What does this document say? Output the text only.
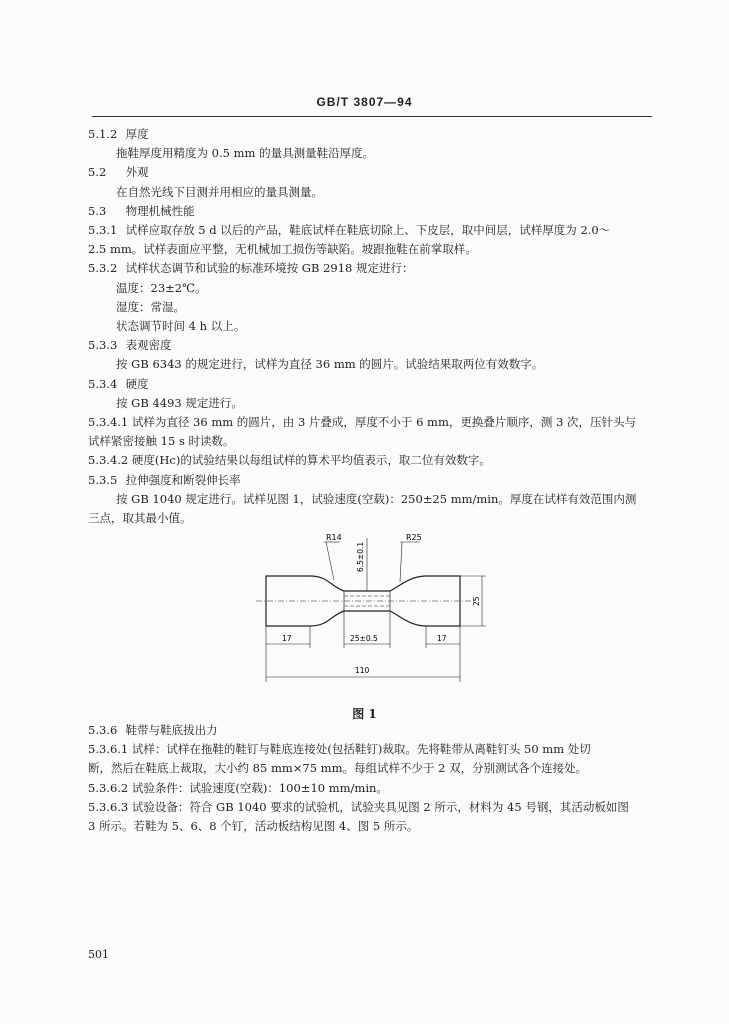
GB/T 3807—94
5.1.2 厚度
拖鞋厚度用精度为 0.5 mm 的量具测量鞋沿厚度。
5.2 外观
在自然光线下目测并用相应的量具测量。
5.3 物理机械性能
5.3.1 试样应取存放 5 d 以后的产品，鞋底试样在鞋底切除上、下皮层，取中间层，试样厚度为 2.0～
2.5 mm。试样表面应平整，无机械加工损伤等缺陷。坡跟拖鞋在前掌取样。
5.3.2 试样状态调节和试验的标准环境按 GB 2918 规定进行：
温度：23±2℃。
湿度：常湿。
状态调节时间 4 h 以上。
5.3.3 表观密度
按 GB 6343 的规定进行，试样为直径 36 mm 的圆片。试验结果取两位有效数字。
5.3.4 硬度
按 GB 4493 规定进行。
5.3.4.1 试样为直径 36 mm 的圆片，由 3 片叠成，厚度不小于 6 mm，更换叠片顺序，测 3 次，压针头与
试样紧密接触 15 s 时读数。
5.3.4.2 硬度(Hc)的试验结果以每组试样的算术平均值表示，取二位有效数字。
5.3.5 拉伸强度和断裂伸长率
按 GB 1040 规定进行。试样见图 1，试验速度(空载)：250±25 mm/min。厚度在试样有效范围内测
三点，取其最小值。
R14	R25
6.5±0.1
25
17	25±0.5	17
110
图 1
5.3.6 鞋带与鞋底拔出力
5.3.6.1 试样：试样在拖鞋的鞋钉与鞋底连接处(包括鞋钉)裁取。先将鞋带从离鞋钉头 50 mm 处切
断，然后在鞋底上裁取，大小约 85 mm×75 mm。每组试样不少于 2 双，分别测试各个连接处。
5.3.6.2 试验条件：试验速度(空载)：100±10 mm/min。
5.3.6.3 试验设备：符合 GB 1040 要求的试验机，试验夹具见图 2 所示，材料为 45 号钢，其活动板如图
3 所示。若鞋为 5、6、8 个钉，活动板结构见图 4、图 5 所示。
501
